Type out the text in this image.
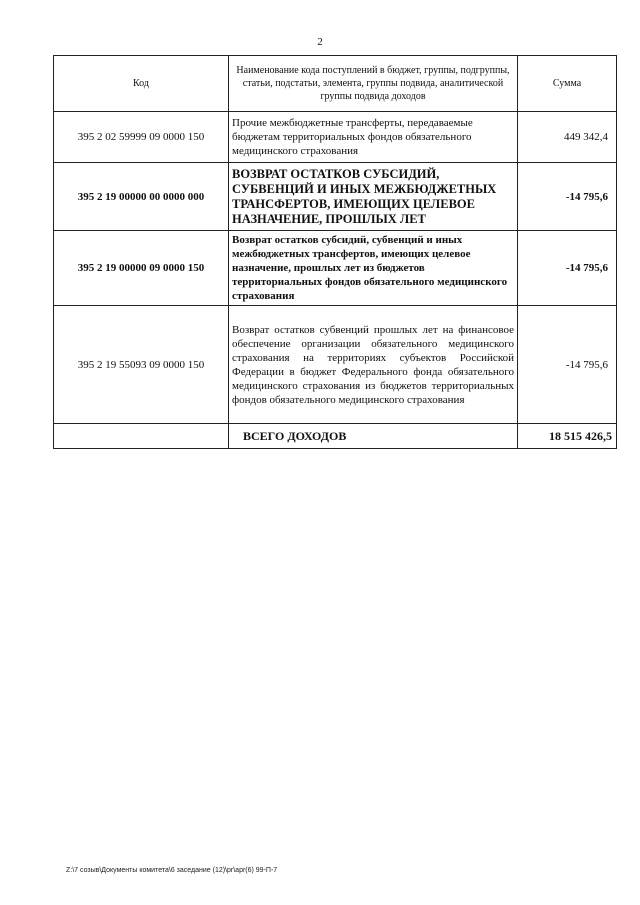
2
Код	Наименование кода поступлений в бюджет, группы, подгруппы, статьи, подстатьи, элемента, группы подвида, аналитической группы подвида доходов	Сумма
395 2 02 59999 09 0000 150	Прочие межбюджетные трансферты, передаваемые бюджетам территориальных фондов обязательного медицинского страхования	449 342,4
395 2 19 00000 00 0000 000	ВОЗВРАТ ОСТАТКОВ СУБСИДИЙ, СУБВЕНЦИЙ И ИНЫХ МЕЖБЮДЖЕТНЫХ ТРАНСФЕРТОВ, ИМЕЮЩИХ ЦЕЛЕВОЕ НАЗНАЧЕНИЕ, ПРОШЛЫХ ЛЕТ	-14 795,6
395 2 19 00000 09 0000 150	Возврат остатков субсидий, субвенций и иных межбюджетных трансфертов, имеющих целевое назначение, прошлых лет из бюджетов территориальных фондов обязательного медицинского страхования	-14 795,6
395 2 19 55093 09 0000 150	Возврат остатков субвенций прошлых лет на финансовое обеспечение организации обязательного медицинского страхования на территориях субъектов Российской Федерации в бюджет Федерального фонда обязательного медицинского страхования из бюджетов территориальных фондов обязательного медицинского страхования	-14 795,6
	ВСЕГО ДОХОДОВ	18 515 426,5
Z:\7 созыв\Документы комитета\6 заседание (12)\pr\apr(6) 99-П-7
